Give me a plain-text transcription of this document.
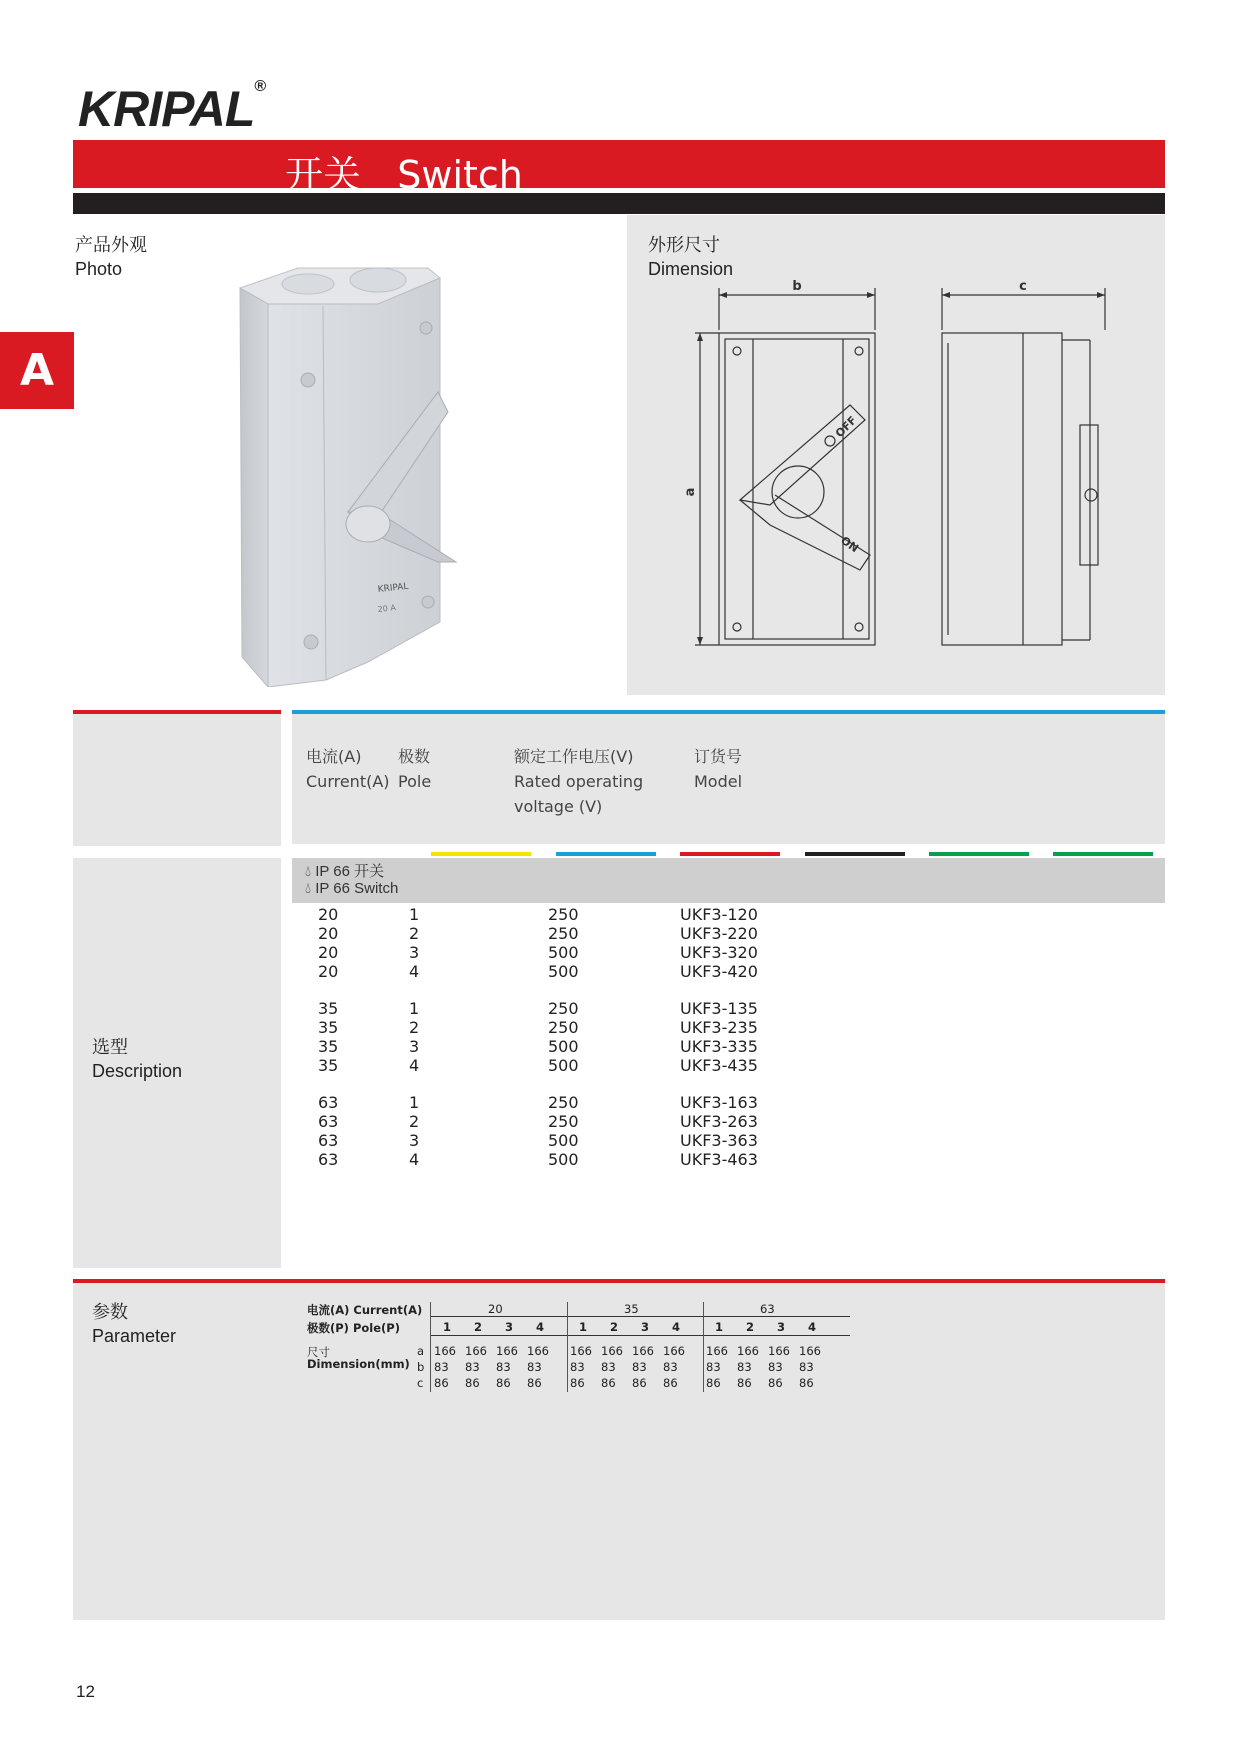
KRIPAL®
开关   Switch
A
产品外观
Photo
KRIPAL
20 A
外形尺寸
Dimension
b	c
a
OFF
ON
电流(A)
Current(A)
极数
Pole
额定工作电压(V)
Rated operating
voltage (V)
订货号
Model
选型
Description
💧︎ IP 66 开关
💧︎ IP 66 Switch
20	1	250	UKF3-120
20	2	250	UKF3-220
20	3	500	UKF3-320
20	4	500	UKF3-420
35	1	250	UKF3-135
35	2	250	UKF3-235
35	3	500	UKF3-335
35	4	500	UKF3-435
63	1	250	UKF3-163
63	2	250	UKF3-263
63	3	500	UKF3-363
63	4	500	UKF3-463
参数
Parameter
电流(A) Current(A)
极数(P) Pole(P)
尺寸
Dimension(mm)
20
1 2 3 4
35
1 2 3 4
63
1 2 3 4
a 166 166 166 166 166 166 166 166 166 166 166 166
b 83 83 83 83 83 83 83 83 83 83 83 83
c 86 86 86 86 86 86 86 86 86 86 86 86
12
